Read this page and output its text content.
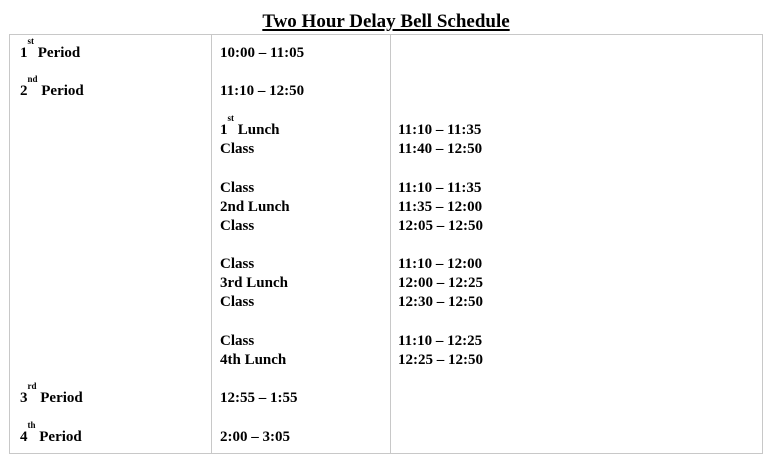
Two Hour Delay Bell Schedule
1st Period	10:00 – 11:05
2nd Period	11:10 – 12:50
1st Lunch	11:10 – 11:35
Class	11:40 – 12:50
Class	11:10 – 11:35
2nd Lunch	11:35 – 12:00
Class	12:05 – 12:50
Class	11:10 – 12:00
3rd Lunch	12:00 – 12:25
Class	12:30 – 12:50
Class	11:10 – 12:25
4th Lunch	12:25 – 12:50
3rd Period	12:55 – 1:55
4th Period	2:00 – 3:05
